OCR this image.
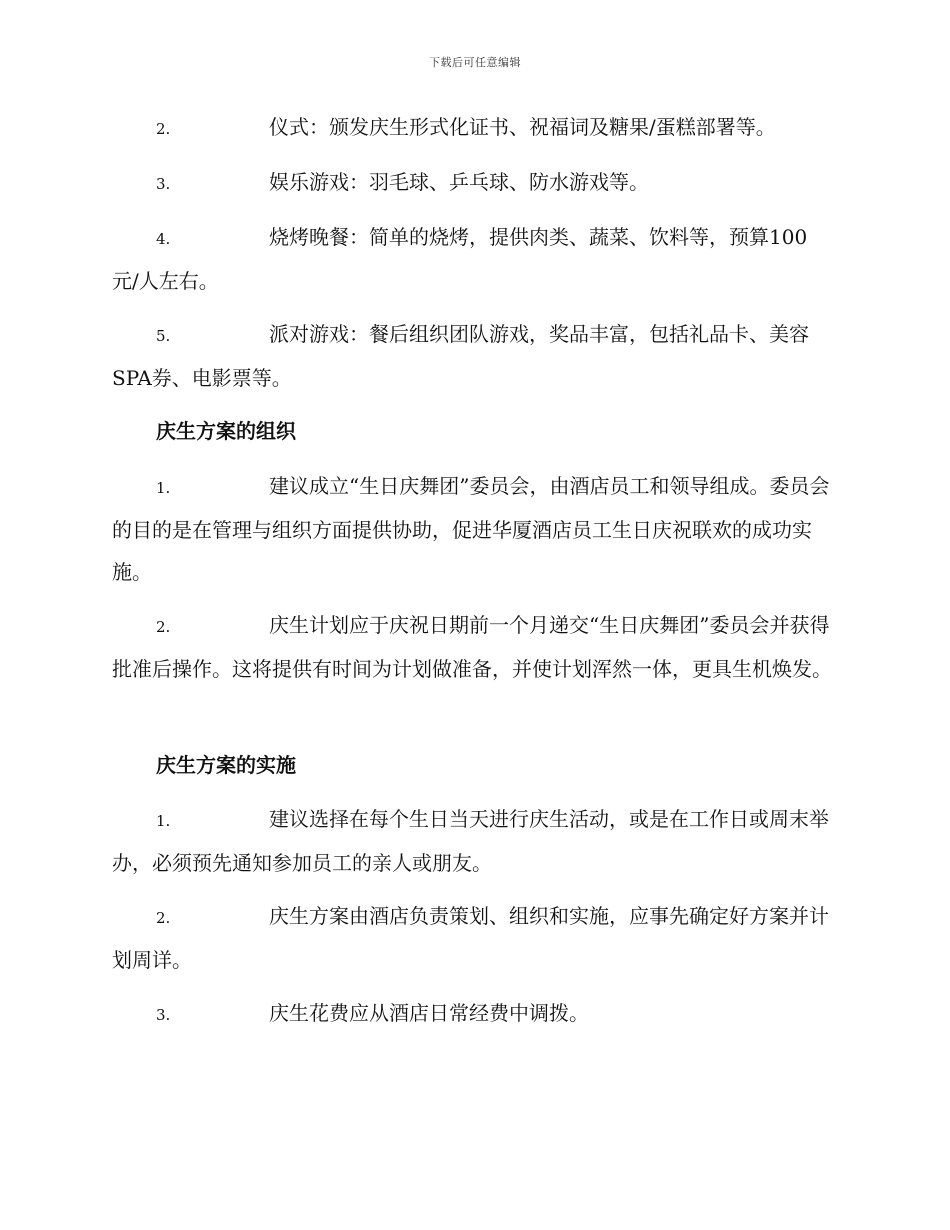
下载后可任意编辑
2.	仪式：颁发庆生形式化证书、祝福词及糖果/蛋糕部署等。
3.	娱乐游戏：羽毛球、乒乓球、防水游戏等。
4.	烧烤晚餐：简单的烧烤，提供肉类、蔬菜、饮料等，预算100元/人左右。
5.	派对游戏：餐后组织团队游戏，奖品丰富，包括礼品卡、美容SPA券、电影票等。
庆生方案的组织
1.	建议成立“生日庆舞团”委员会，由酒店员工和领导组成。委员会的目的是在管理与组织方面提供协助，促进华厦酒店员工生日庆祝联欢的成功实施。
2.	庆生计划应于庆祝日期前一个月递交“生日庆舞团”委员会并获得批准后操作。这将提供有时间为计划做准备，并使计划浑然一体，更具生机焕发。
庆生方案的实施
1.	建议选择在每个生日当天进行庆生活动，或是在工作日或周末举办，必须预先通知参加员工的亲人或朋友。
2.	庆生方案由酒店负责策划、组织和实施，应事先确定好方案并计划周详。
3.	庆生花费应从酒店日常经费中调拨。
